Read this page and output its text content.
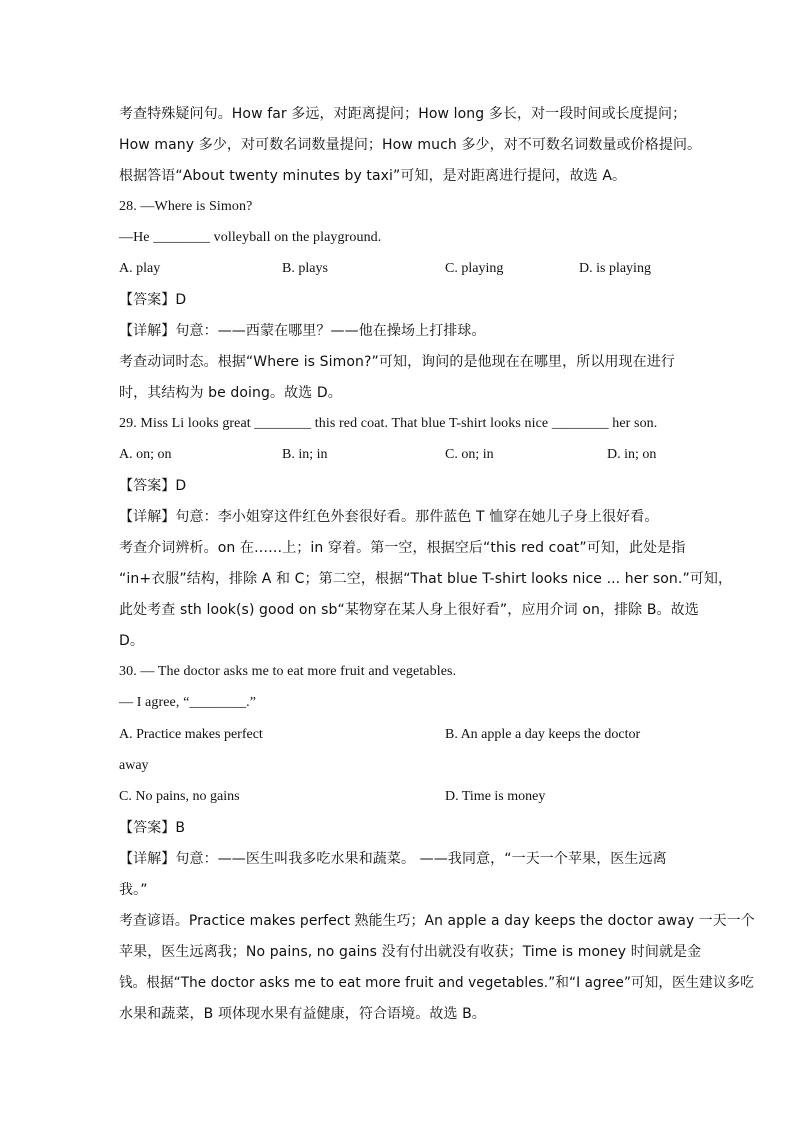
考查特殊疑问句。How far 多远，对距离提问；How long 多长，对一段时间或长度提问；
How many 多少，对可数名词数量提问；How much 多少，对不可数名词数量或价格提问。
根据答语“About twenty minutes by taxi”可知，是对距离进行提问，故选 A。
28. —Where is Simon?
—He ________ volleyball on the playground.
A. play	B. plays	C. playing	D. is playing
【答案】D
【详解】句意：——西蒙在哪里？——他在操场上打排球。
考查动词时态。根据“Where is Simon?”可知，询问的是他现在在哪里，所以用现在进行
时，其结构为 be doing。故选 D。
29. Miss Li looks great ________ this red coat. That blue T-shirt looks nice ________ her son.
A. on; on	B. in; in	C. on; in	D. in; on
【答案】D
【详解】句意：李小姐穿这件红色外套很好看。那件蓝色 T 恤穿在她儿子身上很好看。
考查介词辨析。on 在……上；in 穿着。第一空，根据空后“this red coat”可知，此处是指
“in+衣服”结构，排除 A 和 C；第二空，根据“That blue T-shirt looks nice ... her son.”可知，
此处考查 sth look(s) good on sb“某物穿在某人身上很好看”，应用介词 on，排除 B。故选
D。
30. — The doctor asks me to eat more fruit and vegetables.
— I agree, “________.”
A. Practice makes perfect	B. An apple a day keeps the doctor
away
C. No pains, no gains	D. Time is money
【答案】B
【详解】句意：——医生叫我多吃水果和蔬菜。 ——我同意，“一天一个苹果，医生远离
我。”
考查谚语。Practice makes perfect 熟能生巧；An apple a day keeps the doctor away 一天一个
苹果，医生远离我；No pains, no gains 没有付出就没有收获；Time is money 时间就是金
钱。根据“The doctor asks me to eat more fruit and vegetables.”和“I agree”可知，医生建议多吃
水果和蔬菜，B 项体现水果有益健康，符合语境。故选 B。
